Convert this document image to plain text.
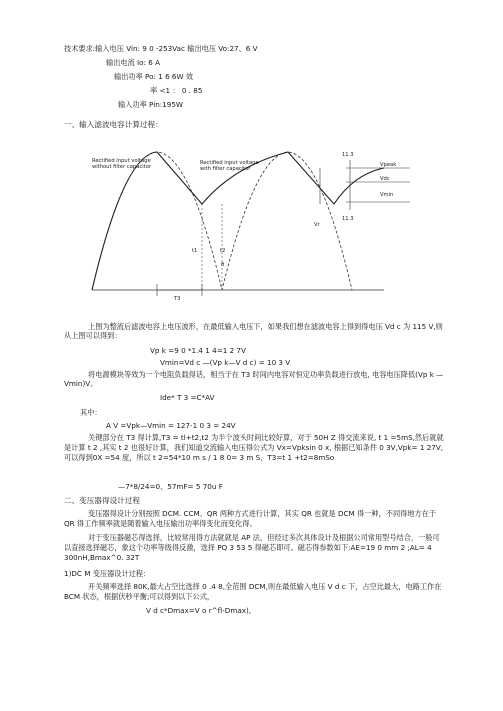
技术要求:输入电压 Vin: 9 0 -253Vac 输出电压 Vo:27、6 V
输出电流 Io: 6 A
输出功率 Po: 1 6 6W 效
率 <1 ： 0 . 85
输入功率 Pin:195W
一、输入滤波电容计算过程：
Rectified input voltage
without filter capacitor
Rectified input voltage
with filter capacitor
11.3
11.3
Vpeak
Vdc
Vmin
Vr
t1	t2
θ
T3
上图为整流后滤波电容上电压波形，在最低输入电压下，如果我们想在滤波电容上得到得电压 Vd c 为 115 V,则从上图可以得到：
Vp k =9 0 *1.4 1 4=1 2 7V
Vmin=Vd c —(Vp k—V d c) = 10 3 V
将电源模块等效为一个电阻负载得话，相当于在 T3 时间内电容对恒定功率负载进行放电, 电容电压降低(Vp k —Vmin)V。
Ide* T 3 =C*AV
其中：
A V =Vpk—Vmin = 127-1 0 3 = 24V
关键部分在 T3 得计算,T3 = tl+t2,t2 为半个波头时间比较好算，对于 50H Z 得交流来说, t 1 =5mS,然后就就是计算 t 2 ,其实 t 2 也很好计算，我们知道交流输入电压得公式为 Vx=Vpksin 0 x, 根据已知条件 0 3V,Vpk= 1 27V,可以得到0X =54 度，所以 t 2=54*10 m s / 1 8 0= 3 m S，T3=t 1 +t2=8mSo
—7*8/24=0、57mF= 5 70u F
二、变压器得设计过程
变压器得设计分别按照 DCM. CCM、QR 两种方式进行计算，其实 QR 也就是 DCM 得一种，不同得地方在于 QR 得工作频率就是随着输入电压输出功率得变化而变化得。
对于变压器磁芯得选择，比较常用得方法就就是 AP 法，但经过多次具体设计及根据公司常用型号结合，一般可以直接选择磁芯，象这个功率等级得反激，选择 PQ 3 53 5 得磁芯即可。磁芯得参数如下:AE=19 0 mm 2 ;AL= 4 300nH,Bmax^0. 32T
1)DC M 变压器设计过程：
开关频率选择 80K,最大占空比选择 0 .4 8,全范围 DCM,则在最低输入电压 V d c 下，占空比最大，电路工作在 BCM 状态，根据伏秒平衡;可以得到以下公式，
V d c*Dmax=V o r^fl-Dmax),
